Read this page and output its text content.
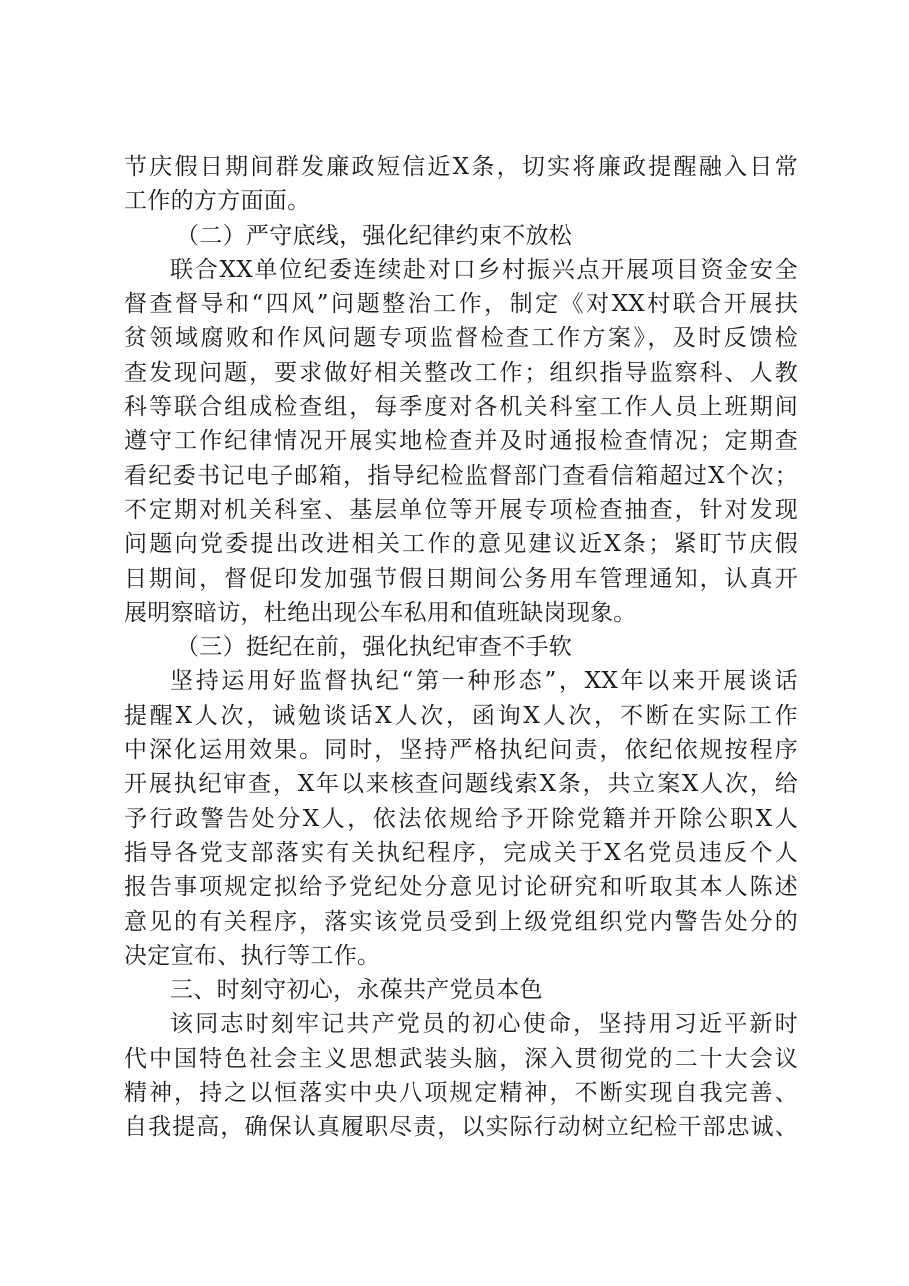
节庆假日期间群发廉政短信近X条，切实将廉政提醒融入日常
工作的方方面面。
（二）严守底线，强化纪律约束不放松
联合XX单位纪委连续赴对口乡村振兴点开展项目资金安全
督查督导和“四风”问题整治工作，制定《对XX村联合开展扶
贫领域腐败和作风问题专项监督检查工作方案》，及时反馈检
查发现问题，要求做好相关整改工作；组织指导监察科、人教
科等联合组成检查组，每季度对各机关科室工作人员上班期间
遵守工作纪律情况开展实地检查并及时通报检查情况；定期查
看纪委书记电子邮箱，指导纪检监督部门查看信箱超过X个次；
不定期对机关科室、基层单位等开展专项检查抽查，针对发现
问题向党委提出改进相关工作的意见建议近X条；紧盯节庆假
日期间，督促印发加强节假日期间公务用车管理通知，认真开
展明察暗访，杜绝出现公车私用和值班缺岗现象。
（三）挺纪在前，强化执纪审查不手软
坚持运用好监督执纪“第一种形态”，XX年以来开展谈话
提醒X人次，诫勉谈话X人次，函询X人次，不断在实际工作
中深化运用效果。同时，坚持严格执纪问责，依纪依规按程序
开展执纪审查，X年以来核查问题线索X条，共立案X人次，给
予行政警告处分X人，依法依规给予开除党籍并开除公职X人
指导各党支部落实有关执纪程序，完成关于X名党员违反个人
报告事项规定拟给予党纪处分意见讨论研究和听取其本人陈述
意见的有关程序，落实该党员受到上级党组织党内警告处分的
决定宣布、执行等工作。
三、时刻守初心，永葆共产党员本色
该同志时刻牢记共产党员的初心使命，坚持用习近平新时
代中国特色社会主义思想武装头脑，深入贯彻党的二十大会议
精神，持之以恒落实中央八项规定精神，不断实现自我完善、
自我提高，确保认真履职尽责，以实际行动树立纪检干部忠诚、
